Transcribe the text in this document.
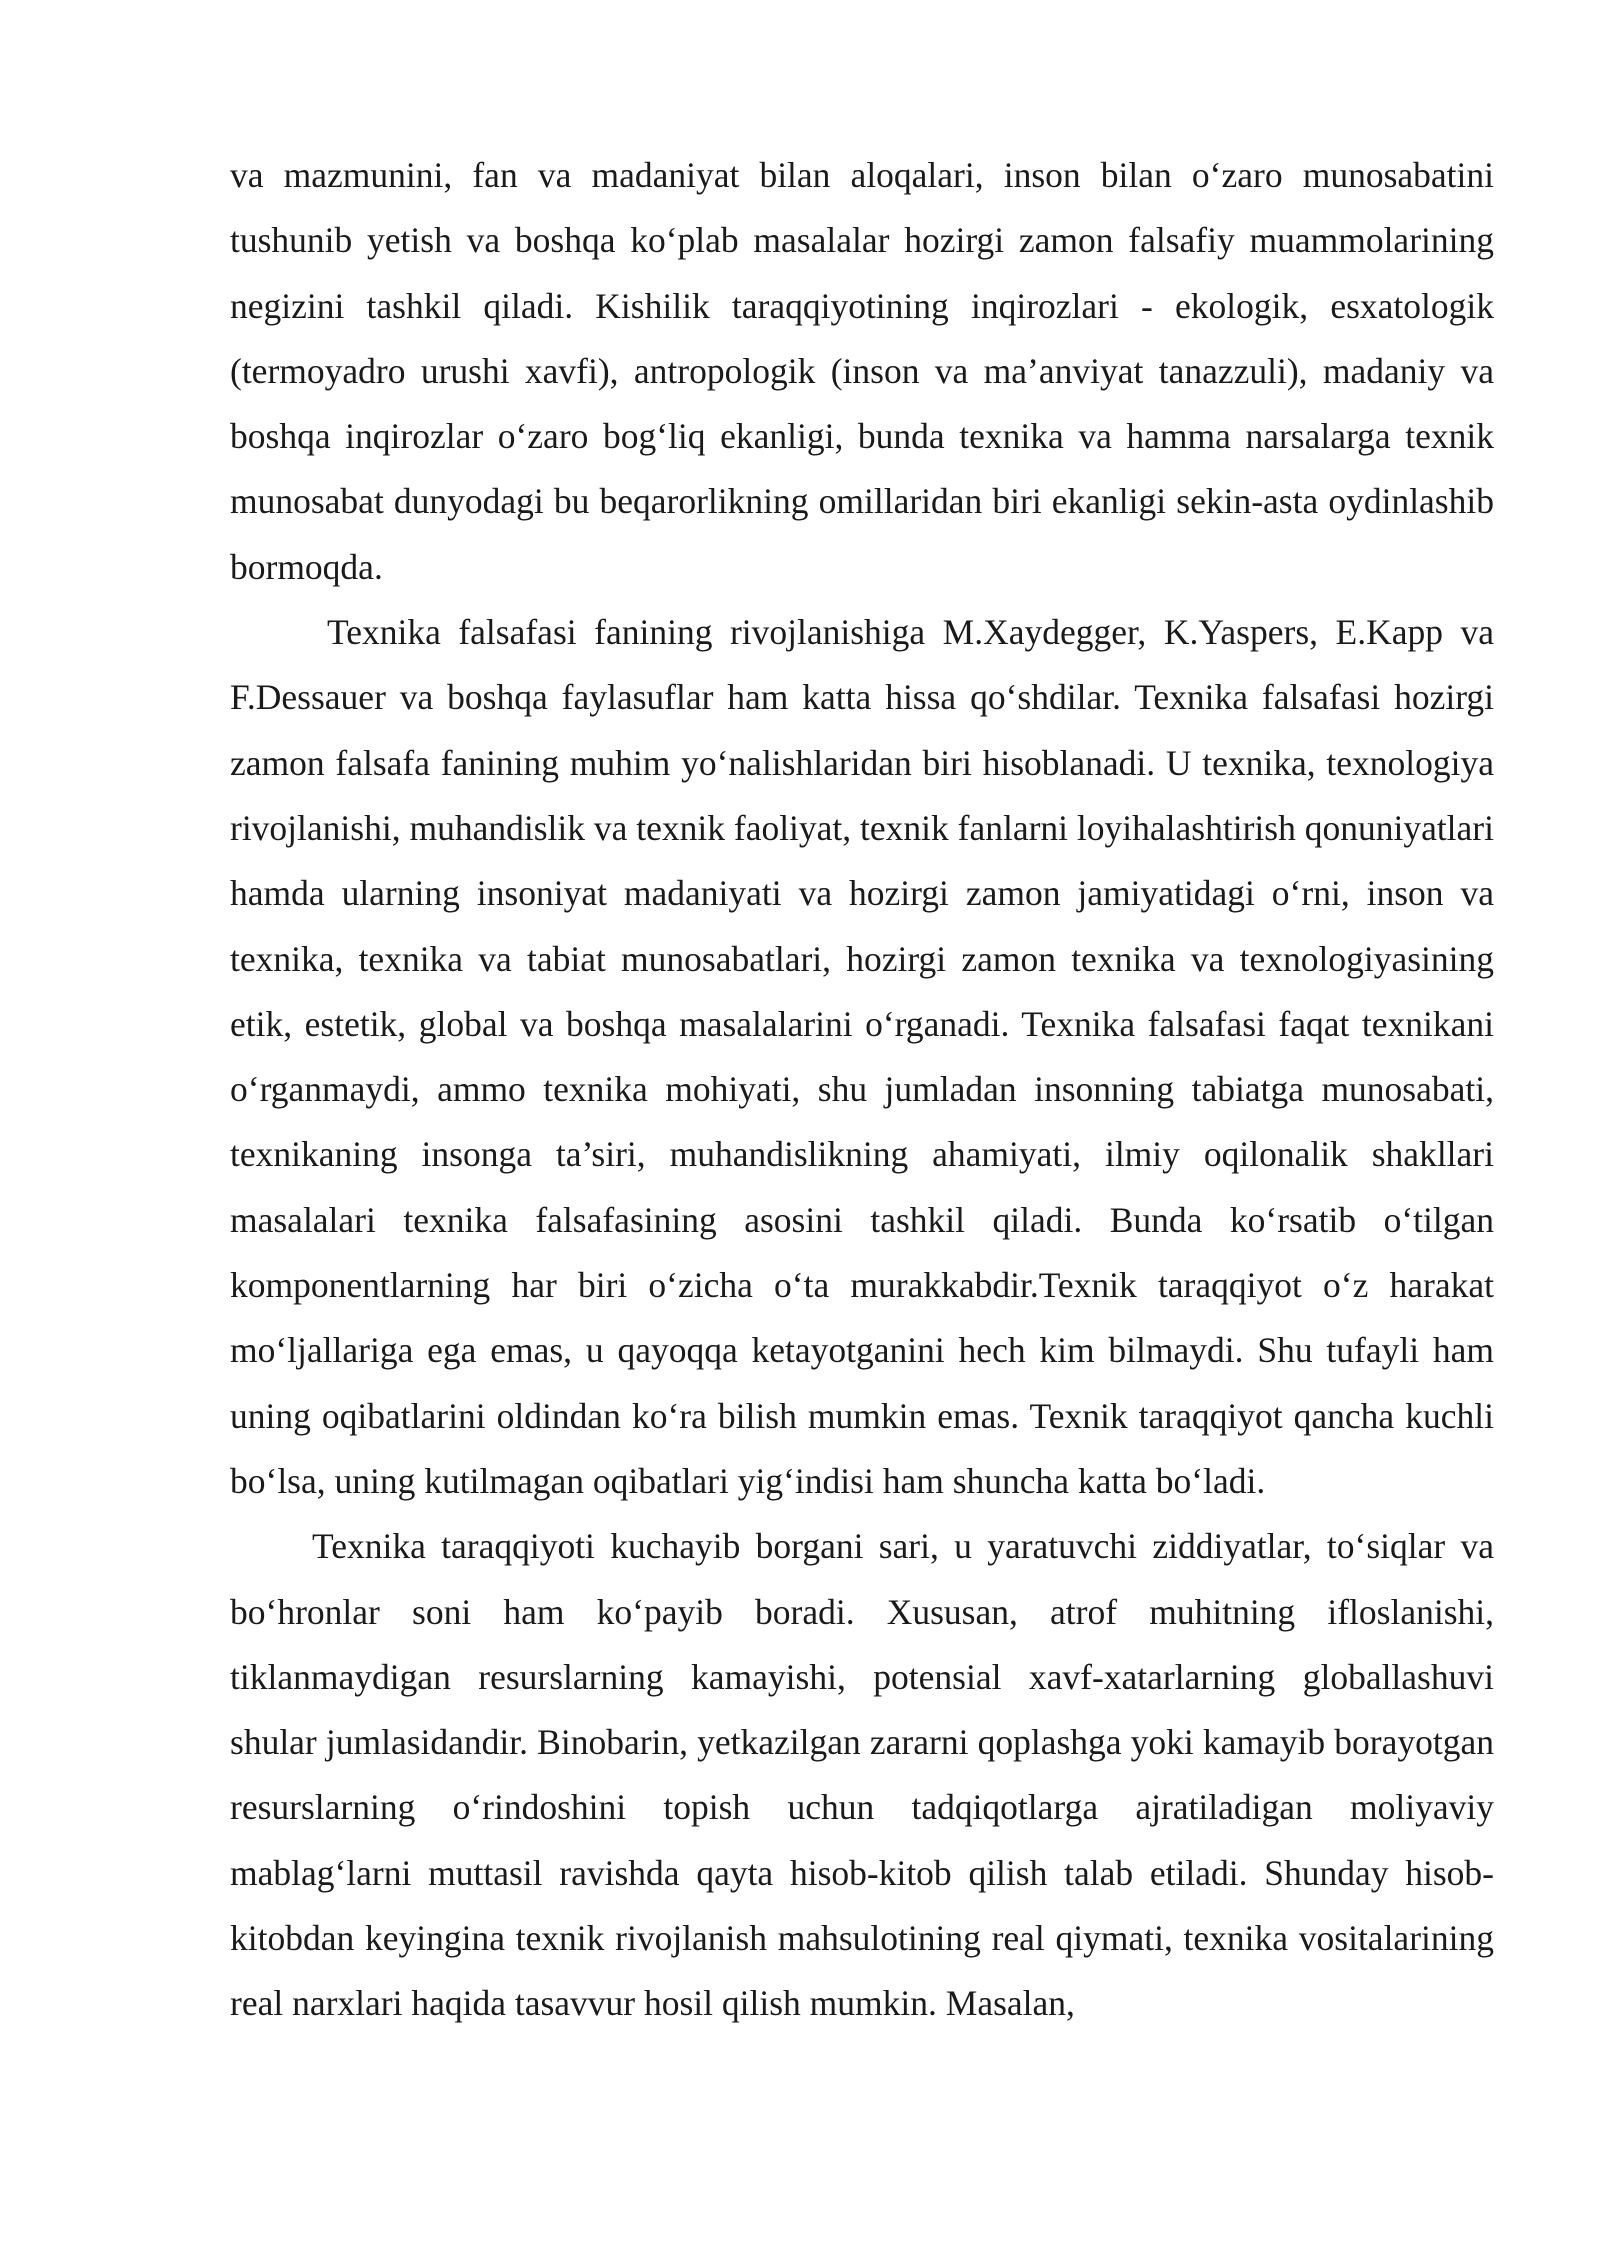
va mazmunini, fan va madaniyat bilan aloqalari, inson bilan o‘zaro munosabatini tushunib yetish va boshqa ko‘plab masalalar hozirgi zamon falsafiy muammolarining negizini tashkil qiladi. Kishilik taraqqiyotining inqirozlari - ekologik, esxatologik (termoyadro urushi xavfi), antropologik (inson va ma’anviyat tanazzuli), madaniy va boshqa inqirozlar o‘zaro bog‘liq ekanligi, bunda texnika va hamma narsalarga texnik munosabat dunyodagi bu beqarorlikning omillaridan biri ekanligi sekin-asta oydinlashib bormoqda.

Texnika falsafasi fanining rivojlanishiga M.Xaydegger, K.Yaspers, E.Kapp va F.Dessauer va boshqa faylasuflar ham katta hissa qo‘shdilar. Texnika falsafasi hozirgi zamon falsafa fanining muhim yo‘nalishlaridan biri hisoblanadi. U texnika, texnologiya rivojlanishi, muhandislik va texnik faoliyat, texnik fanlarni loyihalashtirish qonuniyatlari hamda ularning insoniyat madaniyati va hozirgi zamon jamiyatidagi o‘rni, inson va texnika, texnika va tabiat munosabatlari, hozirgi zamon texnika va texnologiyasining etik, estetik, global va boshqa masalalarini o‘rganadi. Texnika falsafasi faqat texnikani o‘rganmaydi, ammo texnika mohiyati, shu jumladan insonning tabiatga munosabati, texnikaning insonga ta’siri, muhandislikning ahamiyati, ilmiy oqilonalik shakllari masalalari texnika falsafasining asosini tashkil qiladi. Bunda ko‘rsatib o‘tilgan komponentlarning har biri o‘zicha o‘ta murakkabdir.Texnik taraqqiyot o‘z harakat mo‘ljallariga ega emas, u qayoqqa ketayotganini hech kim bilmaydi. Shu tufayli ham uning oqibatlarini oldindan ko‘ra bilish mumkin emas. Texnik taraqqiyot qancha kuchli bo‘lsa, uning kutilmagan oqibatlari yig‘indisi ham shuncha katta bo‘ladi.

Texnika taraqqiyoti kuchayib borgani sari, u yaratuvchi ziddiyatlar, to‘siqlar va bo‘hronlar soni ham ko‘payib boradi. Xususan, atrof muhitning ifloslanishi, tiklanmaydigan resurslarning kamayishi, potensial xavf-xatarlarning globallashuvi shular jumlasidandir. Binobarin, yetkazilgan zararni qoplashga yoki kamayib borayotgan resurslarning o‘rindoshini topish uchun tadqiqotlarga ajratiladigan moliyaviy mablag‘larni muttasil ravishda qayta hisob-kitob qilish talab etiladi. Shunday hisob-kitobdan keyingina texnik rivojlanish mahsulotining real qiymati, texnika vositalarining real narxlari haqida tasavvur hosil qilish mumkin. Masalan,
